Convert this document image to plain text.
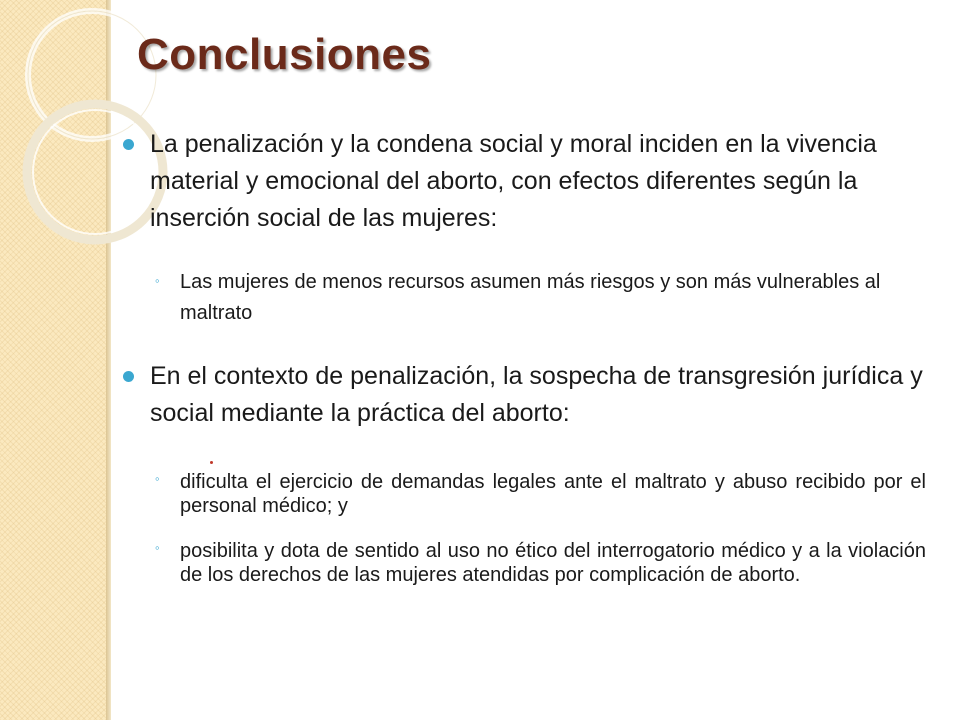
Conclusiones
La penalización y la condena social y moral inciden en la vivencia material y emocional del aborto, con efectos diferentes según la inserción social de las mujeres:
◦ Las mujeres de menos recursos asumen más riesgos y son más vulnerables al maltrato
En el contexto de penalización, la sospecha de transgresión jurídica y social mediante la práctica del aborto:
◦ dificulta el ejercicio de demandas legales ante el maltrato y abuso recibido por el personal médico; y
◦ posibilita y dota de sentido al uso no ético del interrogatorio médico y a la violación de los derechos de las mujeres atendidas por complicación de aborto.
